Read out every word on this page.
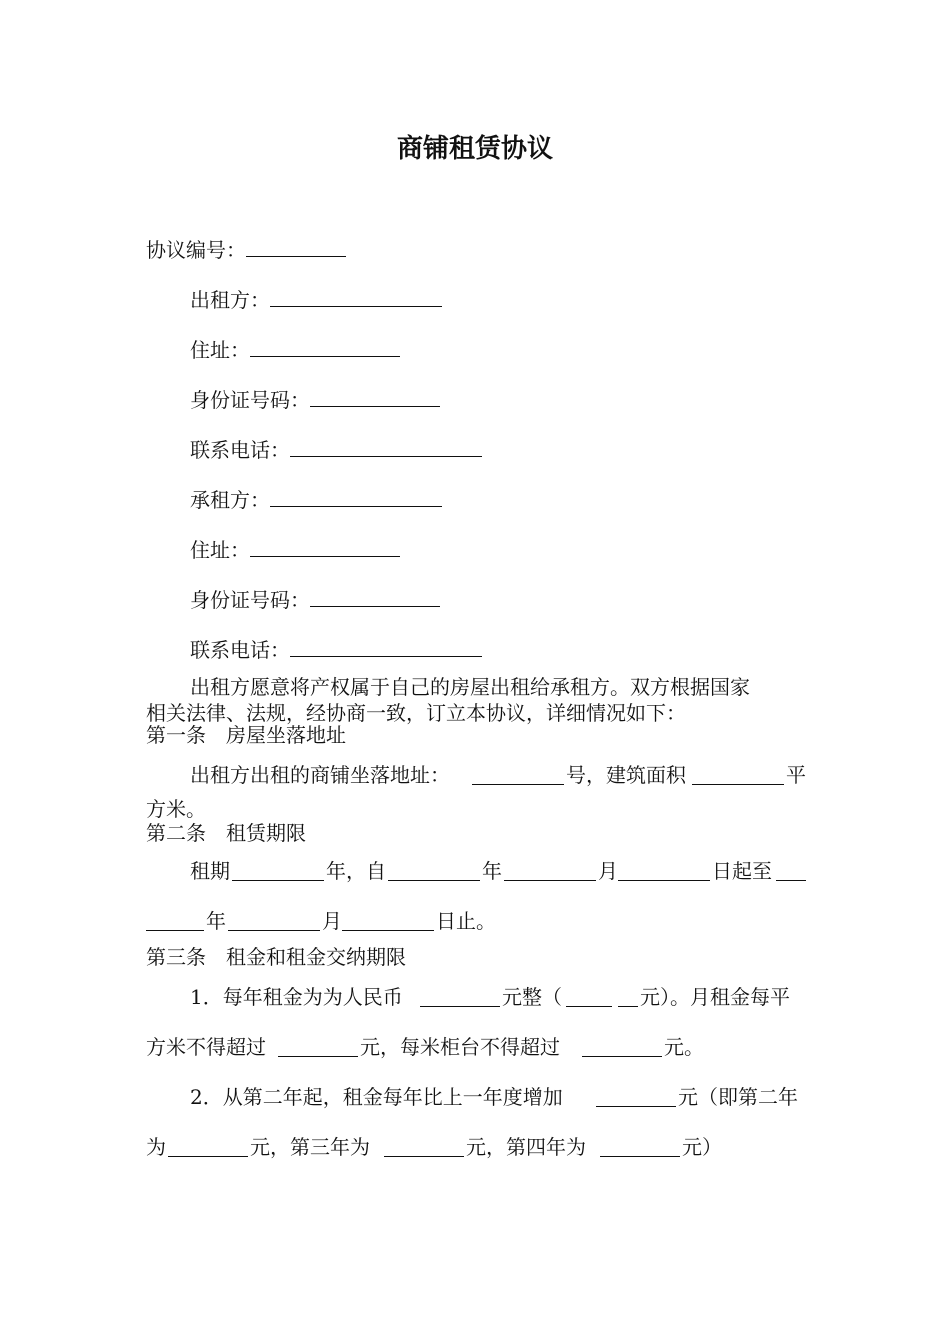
商铺租赁协议
协议编号：
出租方：
住址：
身份证号码：
联系电话：
承租方：
住址：
身份证号码：
联系电话：
出租方愿意将产权属于自己的房屋出租给承租方。双方根据国家
相关法律、法规，经协商一致，订立本协议，详细情况如下：
第一条　房屋坐落地址
出租方出租的商铺坐落地址：	号，建筑面积	平
方米。
第二条　租赁期限
租期	年，自	年	月	日起至
年	月	日止。
第三条　租金和租金交纳期限
1．每年租金为为人民币	元整（	元）。月租金每平
方米不得超过	元，每米柜台不得超过	元。
2．从第二年起，租金每年比上一年度增加	元（即第二年
为	元，第三年为	元，第四年为	元）
